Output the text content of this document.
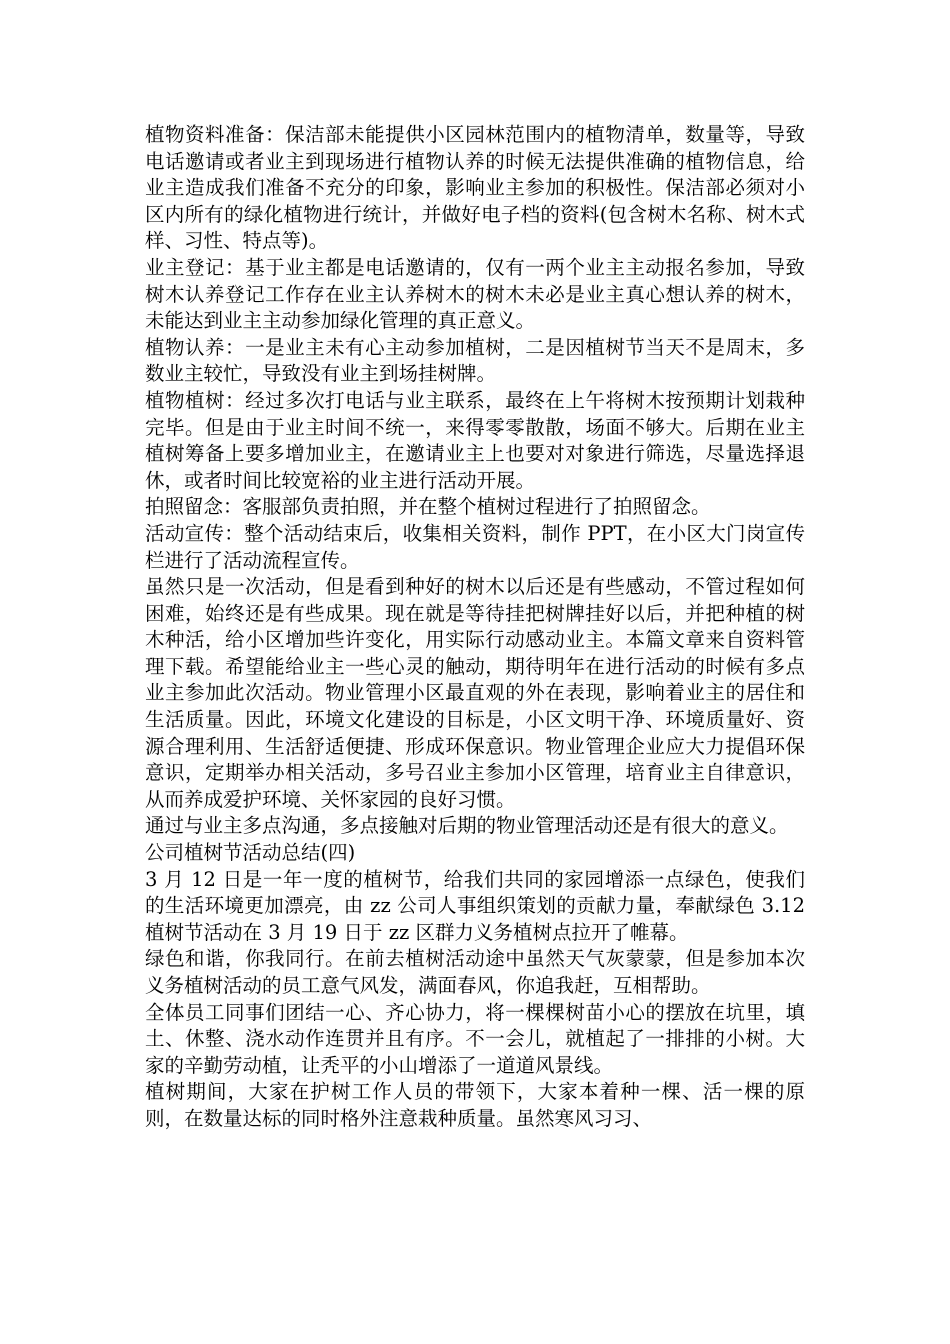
植物资料准备：保洁部未能提供小区园林范围内的植物清单，数量等，导致电话邀请或者业主到现场进行植物认养的时候无法提供准确的植物信息，给业主造成我们准备不充分的印象，影响业主参加的积极性。保洁部必须对小区内所有的绿化植物进行统计，并做好电子档的资料(包含树木名称、树木式样、习性、特点等)。

业主登记：基于业主都是电话邀请的，仅有一两个业主主动报名参加，导致树木认养登记工作存在业主认养树木的树木未必是业主真心想认养的树木，未能达到业主主动参加绿化管理的真正意义。

植物认养：一是业主未有心主动参加植树，二是因植树节当天不是周末，多数业主较忙，导致没有业主到场挂树牌。

植物植树：经过多次打电话与业主联系，最终在上午将树木按预期计划栽种完毕。但是由于业主时间不统一，来得零零散散，场面不够大。后期在业主植树筹备上要多增加业主，在邀请业主上也要对对象进行筛选，尽量选择退休，或者时间比较宽裕的业主进行活动开展。

拍照留念：客服部负责拍照，并在整个植树过程进行了拍照留念。

活动宣传：整个活动结束后，收集相关资料，制作 PPT，在小区大门岗宣传栏进行了活动流程宣传。

虽然只是一次活动，但是看到种好的树木以后还是有些感动，不管过程如何困难，始终还是有些成果。现在就是等待挂把树牌挂好以后，并把种植的树木种活，给小区增加些许变化，用实际行动感动业主。本篇文章来自资料管理下载。希望能给业主一些心灵的触动，期待明年在进行活动的时候有多点业主参加此次活动。物业管理小区最直观的外在表现，影响着业主的居住和生活质量。因此，环境文化建设的目标是，小区文明干净、环境质量好、资源合理利用、生活舒适便捷、形成环保意识。物业管理企业应大力提倡环保意识，定期举办相关活动，多号召业主参加小区管理，培育业主自律意识，从而养成爱护环境、关怀家园的良好习惯。

通过与业主多点沟通，多点接触对后期的物业管理活动还是有很大的意义。

公司植树节活动总结(四)

3 月 12 日是一年一度的植树节，给我们共同的家园增添一点绿色，使我们的生活环境更加漂亮，由 zz 公司人事组织策划的贡献力量，奉献绿色 3.12 植树节活动在 3 月 19 日于 zz 区群力义务植树点拉开了帷幕。

绿色和谐，你我同行。在前去植树活动途中虽然天气灰蒙蒙，但是参加本次义务植树活动的员工意气风发，满面春风，你追我赶，互相帮助。

全体员工同事们团结一心、齐心协力，将一棵棵树苗小心的摆放在坑里，填土、休整、浇水动作连贯并且有序。不一会儿，就植起了一排排的小树。大家的辛勤劳动植，让秃平的小山增添了一道道风景线。

植树期间，大家在护树工作人员的带领下，大家本着种一棵、活一棵的原则，在数量达标的同时格外注意栽种质量。虽然寒风习习、
